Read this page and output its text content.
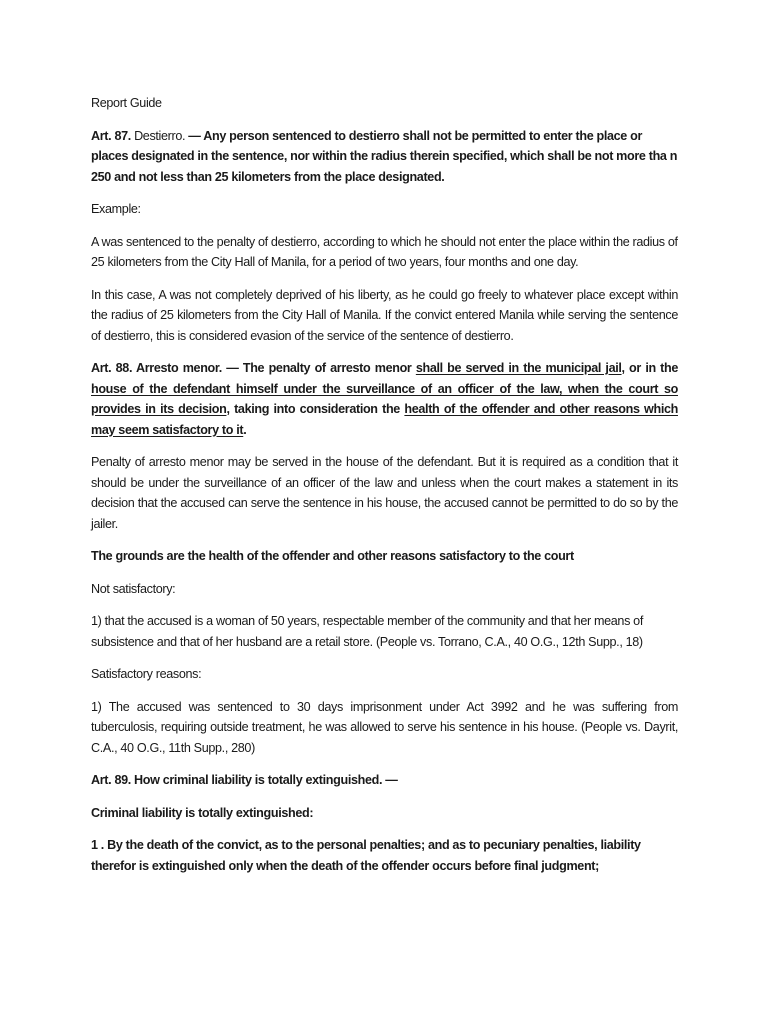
Report Guide

Art. 87. Destierro. — Any person sentenced to destierro shall not be permitted to enter the place or places designated in the sentence, nor within the radius therein specified, which shall be not more tha n 250 and not less than 25 kilometers from the place designated.

Example:

A was sentenced to the penalty of destierro, according to which he should not enter the place within the radius of 25 kilometers from the City Hall of Manila, for a period of two years, four months and one day.

In this case, A was not completely deprived of his liberty, as he could go freely to whatever place except within the radius of 25 kilometers from the City Hall of Manila. If the convict entered Manila while serving the sentence of destierro, this is considered evasion of the service of the sentence of destierro.

Art. 88. Arresto menor. — The penalty of arresto menor shall be served in the municipal jail, or in the house of the defendant himself under the surveillance of an officer of the law, when the court so provides in its decision, taking into consideration the health of the offender and other reasons which may seem satisfactory to it.

Penalty of arresto menor may be served in the house of the defendant. But it is required as a condition that it should be under the surveillance of an officer of the law and unless when the court makes a statement in its decision that the accused can serve the sentence in his house, the accused cannot be permitted to do so by the jailer.

The grounds are the health of the offender and other reasons satisfactory to the court

Not satisfactory:

1) that the accused is a woman of 50 years, respectable member of the community and that her means of subsistence and that of her husband are a retail store. (People vs. Torrano, C.A., 40 O.G., 12th Supp., 18)

Satisfactory reasons:

1) The accused was sentenced to 30 days imprisonment under Act 3992 and he was suffering from tuberculosis, requiring outside treatment, he was allowed to serve his sentence in his house. (People vs. Dayrit, C.A., 40 O.G., 11th Supp., 280)

Art. 89. How criminal liability is totally extinguished. —

Criminal liability is totally extinguished:

1 . By the death of the convict, as to the personal penalties; and as to pecuniary penalties, liability therefor is extinguished only when the death of the offender occurs before final judgment;
